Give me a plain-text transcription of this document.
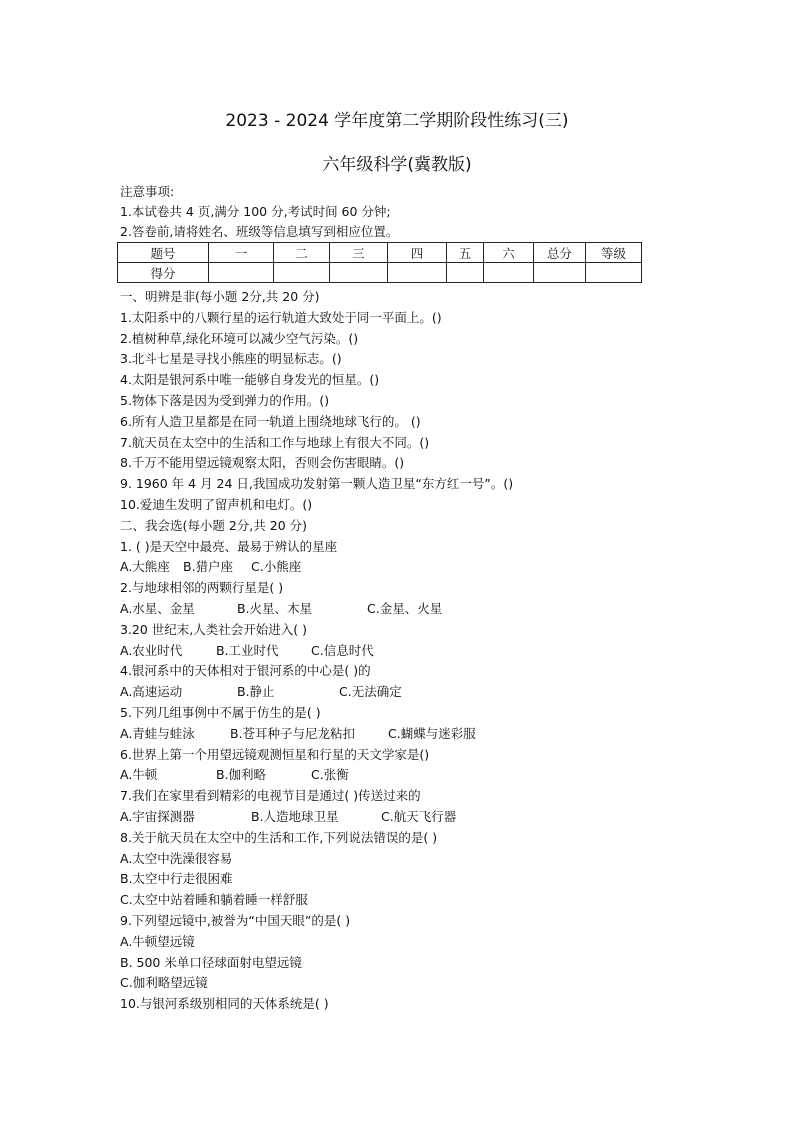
2023 - 2024 学年度第二学期阶段性练习(三)
六年级科学(冀教版)
注意事项:
1.本试卷共 4 页,满分 100 分,考试时间 60 分钟;
2.答卷前,请将姓名、班级等信息填写到相应位置。
题号	一	二	三	四	五	六	总分	等级
得分								
一、明辨是非(每小题 2分,共 20 分)
1.太阳系中的八颗行星的运行轨道大致处于同一平面上。()
2.植树种草,绿化环境可以减少空气污染。()
3.北斗七星是寻找小熊座的明显标志。()
4.太阳是银河系中唯一能够自身发光的恒星。()
5.物体下落是因为受到弹力的作用。()
6.所有人造卫星都是在同一轨道上围绕地球飞行的。 ()
7.航天员在太空中的生活和工作与地球上有很大不同。()
8.千万不能用望远镜观察太阳，否则会伤害眼睛。()
9. 1960 年 4 月 24 日,我国成功发射第一颗人造卫星“东方红一号”。()
10.爱迪生发明了留声机和电灯。()
二、我会选(每小题 2分,共 20 分)
1. ( )是天空中最亮、最易于辨认的星座
A.大熊座 B.猎户座 C.小熊座
2.与地球相邻的两颗行星是( )
A.水星、金星	B.火星、木星	C.金星、火星
3.20 世纪末,人类社会开始进入( )
A.农业时代	B.工业时代	C.信息时代
4.银河系中的天体相对于银河系的中心是( )的
A.高速运动	B.静止	C.无法确定
5.下列几组事例中不属于仿生的是( )
A.青蛙与蛙泳	B.苍耳种子与尼龙粘扣	C.蝴蝶与迷彩服
6.世界上第一个用望远镜观测恒星和行星的天文学家是()
A.牛顿	B.伽利略	C.张衡
7.我们在家里看到精彩的电视节目是通过( )传送过来的
A.宇宙探测器	B.人造地球卫星	C.航天飞行器
8.关于航天员在太空中的生活和工作,下列说法错误的是( )
A.太空中洗澡很容易
B.太空中行走很困难
C.太空中站着睡和躺着睡一样舒服
9.下列望远镜中,被誉为“中国天眼”的是( )
A.牛顿望远镜
B. 500 米单口径球面射电望远镜
C.伽利略望远镜
10.与银河系级别相同的天体系统是( )
